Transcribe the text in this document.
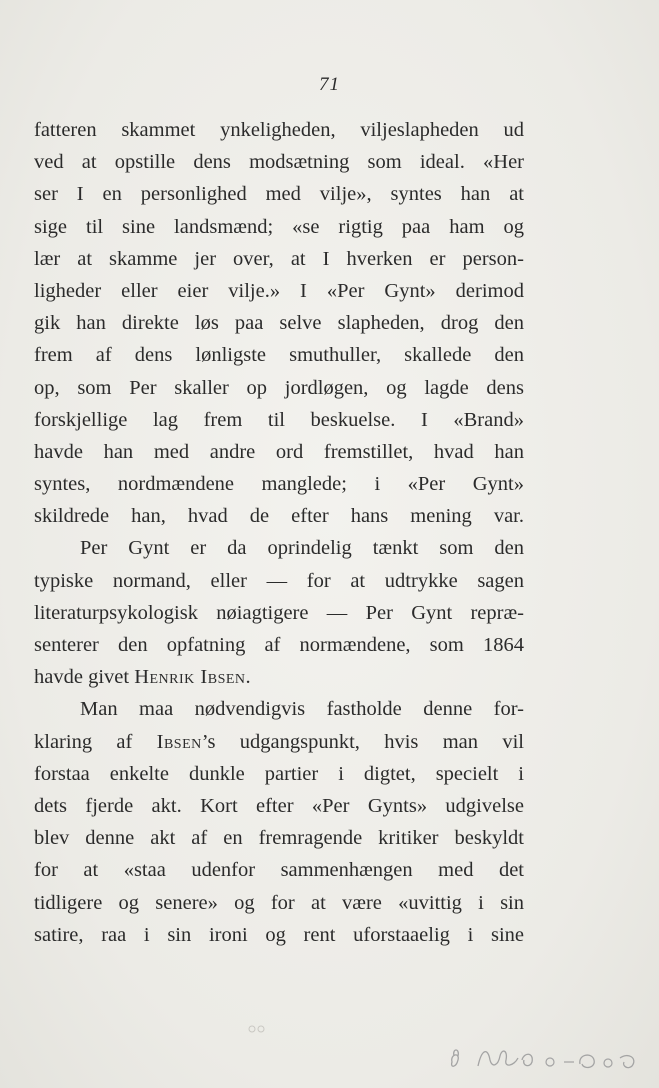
71
fatteren skammet ynkeligheden, viljeslapheden ud
ved at opstille dens modsætning som ideal. «Her
ser I en personlighed med vilje», syntes han at
sige til sine landsmænd; «se rigtig paa ham og
lær at skamme jer over, at I hverken er person-
ligheder eller eier vilje.» I «Per Gynt» derimod
gik han direkte løs paa selve slapheden, drog den
frem af dens lønligste smuthuller, skallede den
op, som Per skaller op jordløgen, og lagde dens
forskjellige lag frem til beskuelse. I «Brand»
havde han med andre ord fremstillet, hvad han
syntes, nordmændene manglede; i «Per Gynt»
skildrede han, hvad de efter hans mening var.
Per Gynt er da oprindelig tænkt som den
typiske normand, eller — for at udtrykke sagen
literaturpsykologisk nøiagtigere — Per Gynt repræ-
senterer den opfatning af normændene, som 1864
havde givet Henrik Ibsen.
Man maa nødvendigvis fastholde denne for-
klaring af Ibsen’s udgangspunkt, hvis man vil
forstaa enkelte dunkle partier i digtet, specielt i
dets fjerde akt. Kort efter «Per Gynts» udgivelse
blev denne akt af en fremragende kritiker beskyldt
for at «staa udenfor sammenhængen med det
tidligere og senere» og for at være «uvittig i sin
satire, raa i sin ironi og rent uforstaaelig i sine
